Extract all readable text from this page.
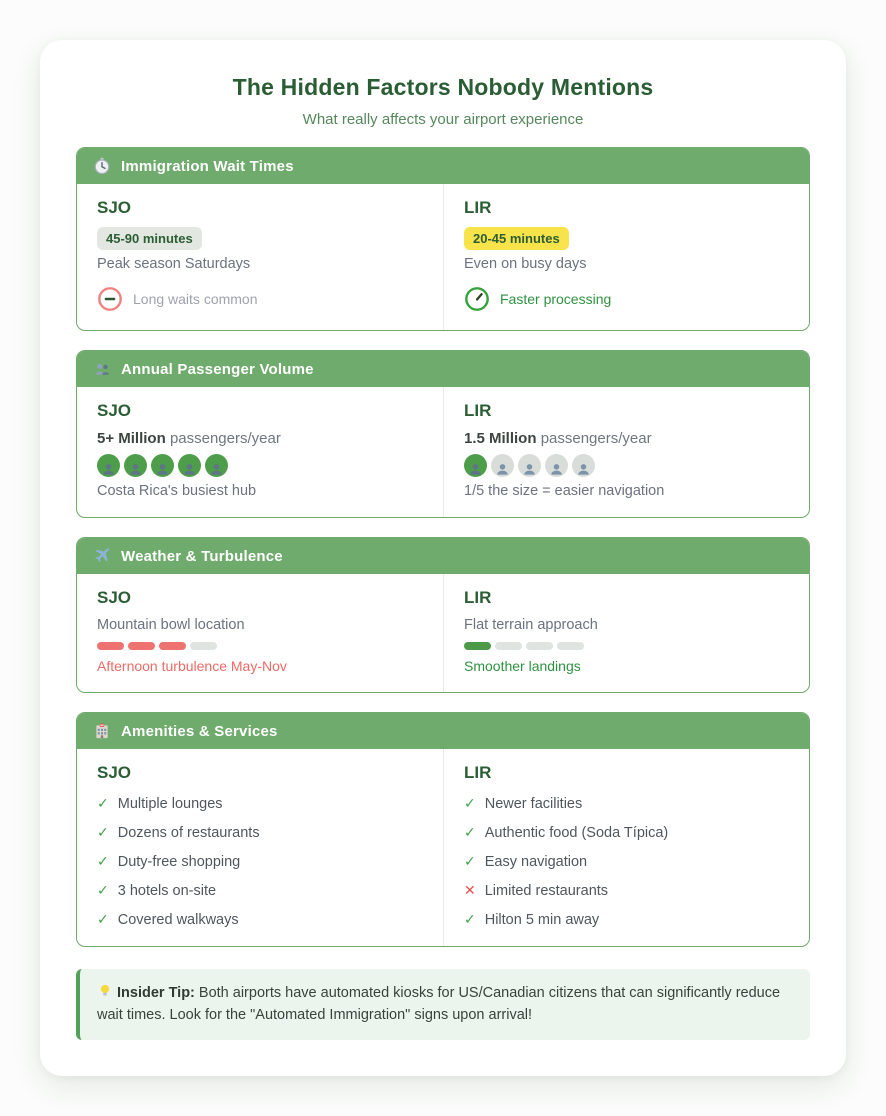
The Hidden Factors Nobody Mentions

What really affects your airport experience

Immigration Wait Times
SJO
45-90 minutes

Peak season Saturdays

Long waits common
LIR
20-45 minutes

Even on busy days

Faster processing
Annual Passenger Volume
SJO

5+ Million passengers/year

Costa Rica's busiest hub

LIR

1.5 Million passengers/year

1/5 the size = easier navigation

Weather & Turbulence
SJO

Mountain bowl location

Afternoon turbulence May-Nov

LIR

Flat terrain approach

Smoother landings

Amenities & Services
SJO
✓ Multiple lounges
✓ Dozens of restaurants
✓ Duty-free shopping
✓ 3 hotels on-site
✓ Covered walkways
LIR
✓ Newer facilities
✓ Authentic food (Soda Típica)
✓ Easy navigation
✕ Limited restaurants
✓ Hilton 5 min away
Insider Tip: Both airports have automated kiosks for US/Canadian citizens that can significantly reduce wait times. Look for the "Automated Immigration" signs upon arrival!
